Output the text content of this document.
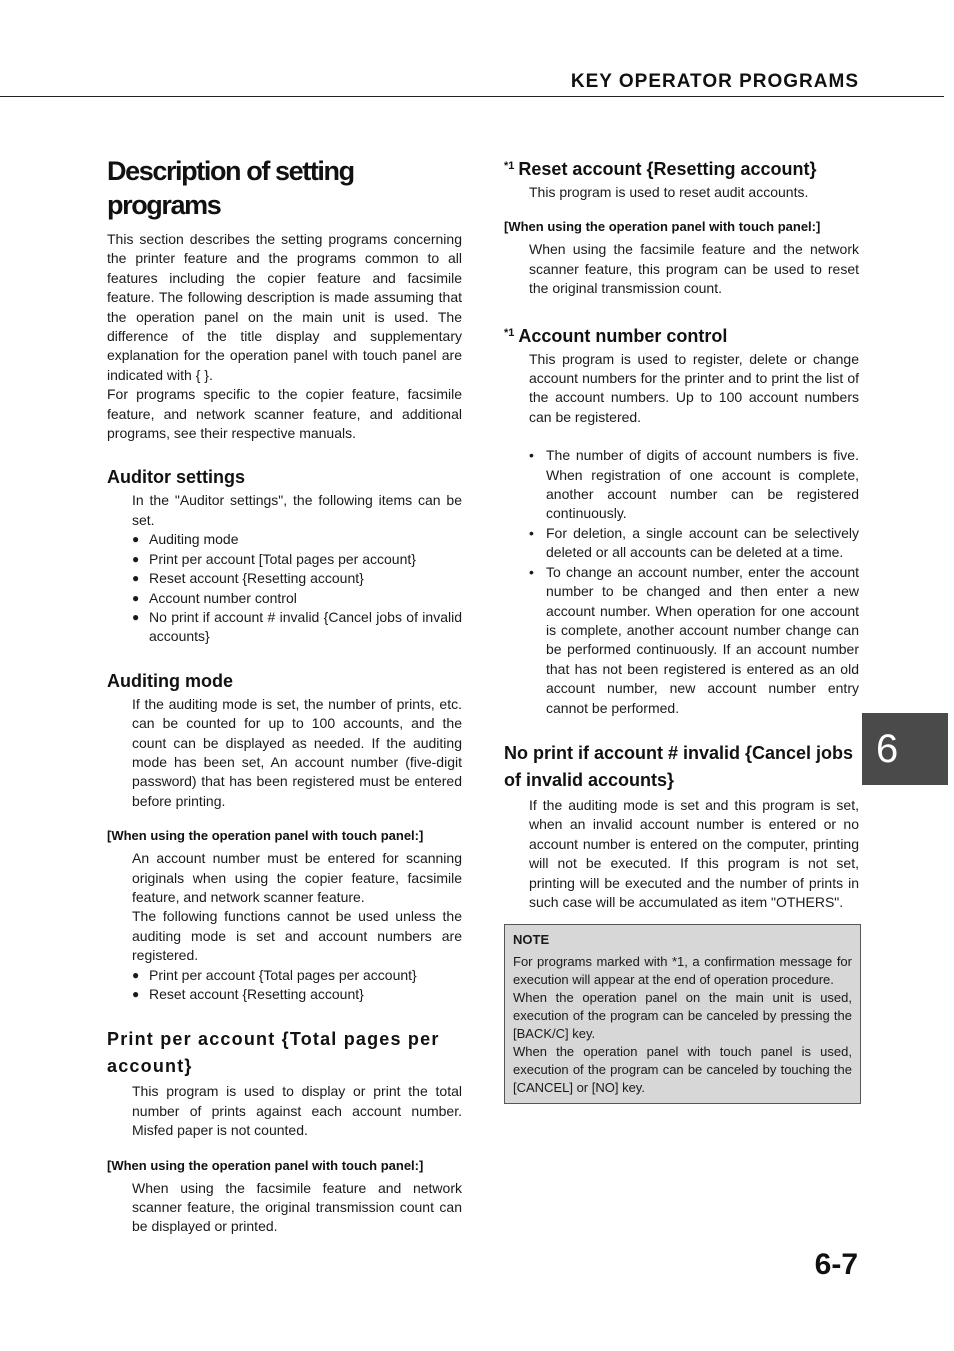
KEY OPERATOR PROGRAMS
Description of setting programs

This section describes the setting programs concerning the printer feature and the programs common to all features including the copier feature and facsimile feature. The following description is made assuming that the operation panel on the main unit is used. The difference of the title display and supplementary explanation for the operation panel with touch panel are indicated with { }.

For programs specific to the copier feature, facsimile feature, and network scanner feature, and additional programs, see their respective manuals.

Auditor settings

In the "Auditor settings", the following items can be set.

● Auditing mode
● Print per account [Total pages per account}
● Reset account {Resetting account}
● Account number control
● No print if account # invalid {Cancel jobs of invalid accounts}
Auditing mode

If the auditing mode is set, the number of prints, etc. can be counted for up to 100 accounts, and the count can be displayed as needed. If the auditing mode has been set, An account number (five-digit password) that has been registered must be entered before printing.

[When using the operation panel with touch panel:]

An account number must be entered for scanning originals when using the copier feature, facsimile feature, and network scanner feature.

The following functions cannot be used unless the auditing mode is set and account numbers are registered.

● Print per account {Total pages per account}
● Reset account {Resetting account}
Print per account {Total pages per account}

This program is used to display or print the total number of prints against each account number. Misfed paper is not counted.

[When using the operation panel with touch panel:]

When using the facsimile feature and network scanner feature, the original transmission count can be displayed or printed.

$^{*1}$ Reset account {Resetting account}

This program is used to reset audit accounts.

[When using the operation panel with touch panel:]

When using the facsimile feature and the network scanner feature, this program can be used to reset the original transmission count.

$^{*1}$ Account number control

This program is used to register, delete or change account numbers for the printer and to print the list of the account numbers. Up to 100 account numbers can be registered.

• The number of digits of account numbers is five. When registration of one account is complete, another account number can be registered continuously.
• For deletion, a single account can be selectively deleted or all accounts can be deleted at a time.
• To change an account number, enter the account number to be changed and then enter a new account number. When operation for one account is complete, another account number change can be performed continuously. If an account number that has not been registered is entered as an old account number, new account number entry cannot be performed.
No print if account # invalid {Cancel jobs of invalid accounts}

If the auditing mode is set and this program is set, when an invalid account number is entered or no account number is entered on the computer, printing will not be executed. If this program is not set, printing will be executed and the number of prints in such case will be accumulated as item "OTHERS".

NOTE

For programs marked with *1, a confirmation message for execution will appear at the end of operation procedure.

When the operation panel on the main unit is used, execution of the program can be canceled by pressing the [BACK/C] key.

When the operation panel with touch panel is used, execution of the program can be canceled by touching the [CANCEL] or [NO] key.

6
6-7
